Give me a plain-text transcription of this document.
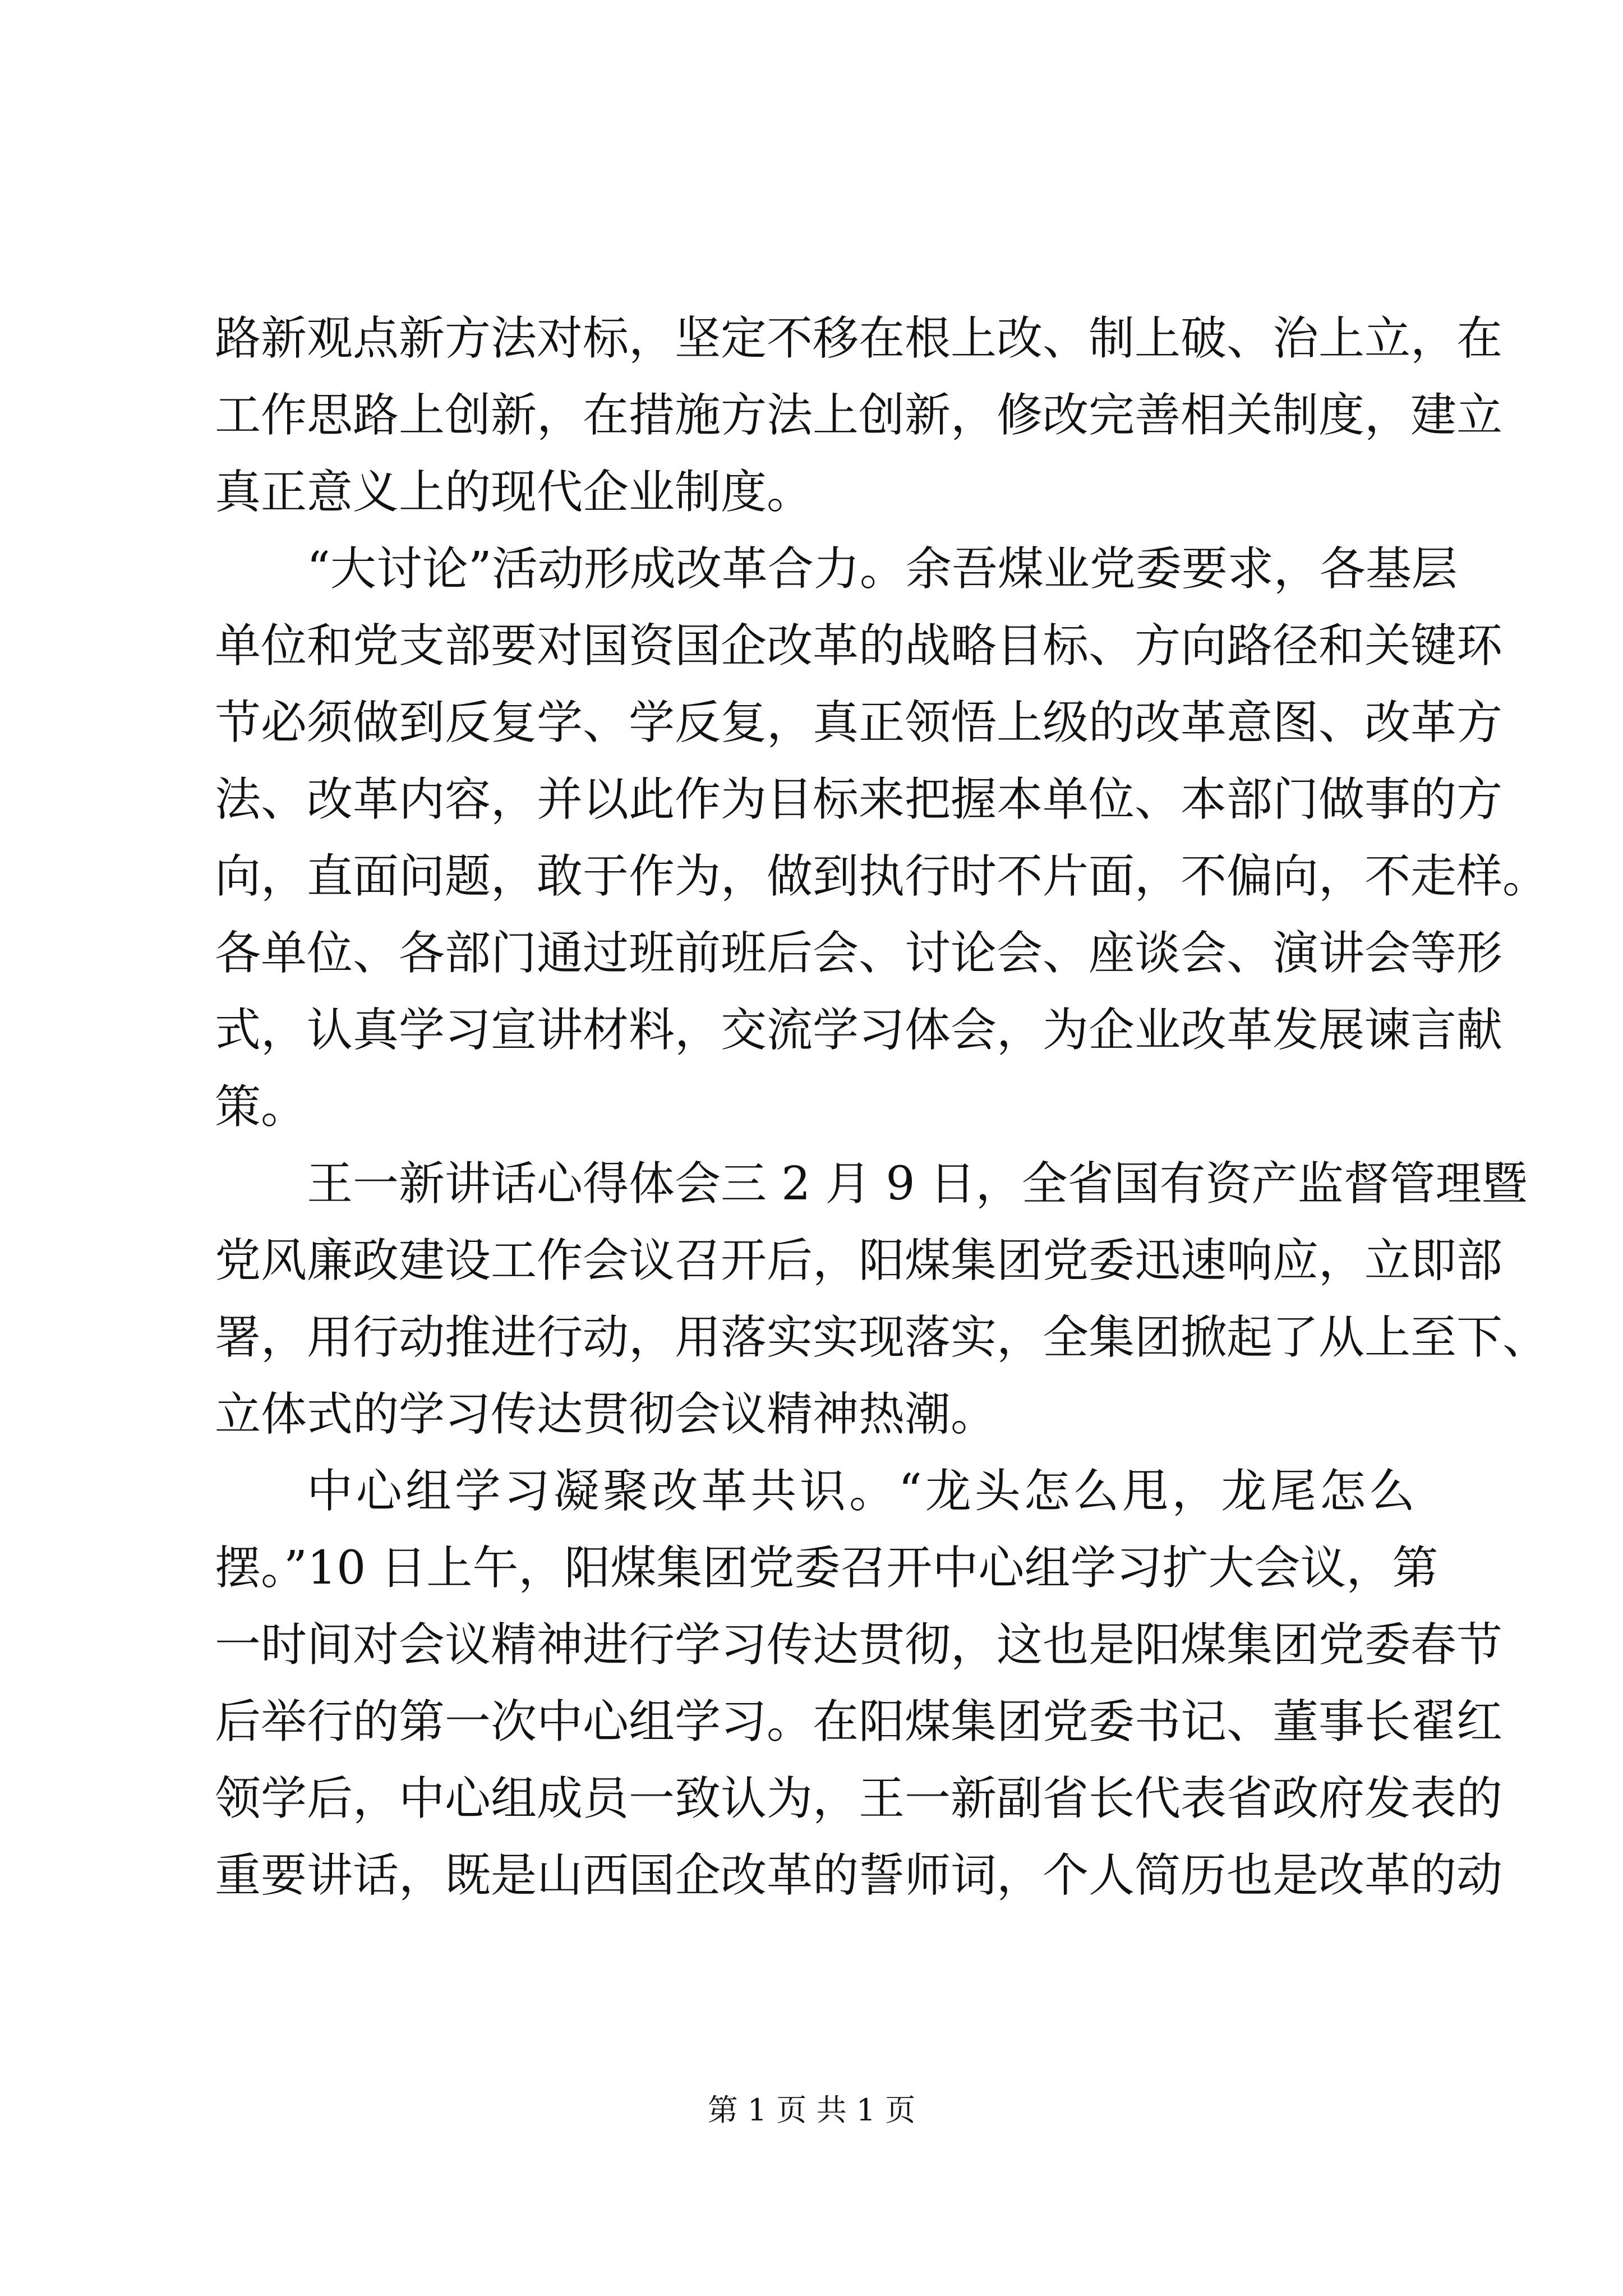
路新观点新方法对标，坚定不移在根上改、制上破、治上立，在
工作思路上创新，在措施方法上创新，修改完善相关制度，建立
真正意义上的现代企业制度。
“大讨论”活动形成改革合力。余吾煤业党委要求，各基层
单位和党支部要对国资国企改革的战略目标、方向路径和关键环
节必须做到反复学、学反复，真正领悟上级的改革意图、改革方
法、改革内容，并以此作为目标来把握本单位、本部门做事的方
向，直面问题，敢于作为，做到执行时不片面，不偏向，不走样。
各单位、各部门通过班前班后会、讨论会、座谈会、演讲会等形
式，认真学习宣讲材料，交流学习体会，为企业改革发展谏言献
策。
王一新讲话心得体会三 2 月 9 日，全省国有资产监督管理暨
党风廉政建设工作会议召开后，阳煤集团党委迅速响应，立即部
署，用行动推进行动，用落实实现落实，全集团掀起了从上至下、
立体式的学习传达贯彻会议精神热潮。
中心组学习凝聚改革共识。“龙头怎么甩，龙尾怎么
摆。”10 日上午，阳煤集团党委召开中心组学习扩大会议，第
一时间对会议精神进行学习传达贯彻，这也是阳煤集团党委春节
后举行的第一次中心组学习。在阳煤集团党委书记、董事长翟红
领学后，中心组成员一致认为，王一新副省长代表省政府发表的
重要讲话，既是山西国企改革的誓师词，个人简历也是改革的动
第 1 页 共 1 页
